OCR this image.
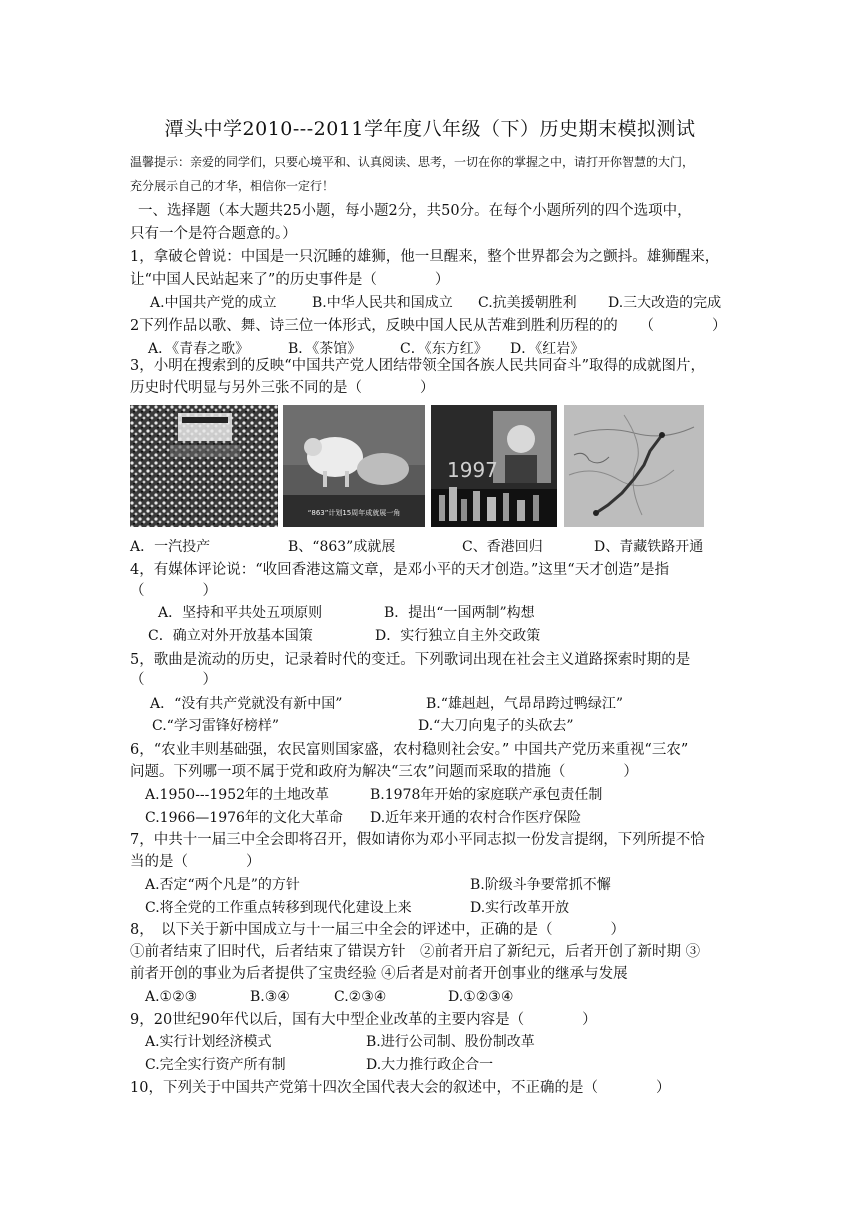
潭头中学2010---2011学年度八年级（下）历史期末模拟测试
温馨提示：亲爱的同学们，只要心境平和、认真阅读、思考，一切在你的掌握之中，请打开你智慧的大门，
充分展示自己的才华，相信你一定行！
一、选择题（本大题共25小题，每小题2分，共50分。在每个小题所列的四个选项中，
只有一个是符合题意的。）
1，拿破仑曾说：中国是一只沉睡的雄狮，他一旦醒来，整个世界都会为之颤抖。雄狮醒来，
让“中国人民站起来了”的历史事件是（　　　　）
A.中国共产党的成立	B.中华人民共和国成立 C.抗美援朝胜利 D.三大改造的完成
2下列作品以歌、舞、诗三位一体形式，反映中国人民从苦难到胜利历程的的　　（　　　　）
A．《青春之歌》	B．《茶馆》	C．《东方红》 D．《红岩》
3，小明在搜索到的反映“中国共产党人团结带领全国各族人民共同奋斗”取得的成就图片，
历史时代明显与另外三张不同的是（　　　　）
“863”计划15周年成就展一角
1997
A．一汽投产	B、“863”成就展	C、香港回归	D、青藏铁路开通
4，有媒体评论说：“收回香港这篇文章，是邓小平的天才创造。”这里“天才创造”是指
（　　　　）
A．坚持和平共处五项原则	B．提出“一国两制”构想
C．确立对外开放基本国策	D．实行独立自主外交政策
5，歌曲是流动的历史，记录着时代的变迁。下列歌词出现在社会主义道路探索时期的是
（　　　　）
A．“没有共产党就没有新中国”	B.“雄赳赳，气昂昂跨过鸭绿江”
C.“学习雷锋好榜样”	D.“大刀向鬼子的头砍去”
6，“农业丰则基础强，农民富则国家盛，农村稳则社会安。” 中国共产党历来重视“三农”
问题。下列哪一项不属于党和政府为解决“三农”问题而采取的措施（　　　　）
A.1950---1952年的土地改革	B.1978年开始的家庭联产承包责任制
C.1966—1976年的文化大革命 D.近年来开通的农村合作医疗保险
7，中共十一届三中全会即将召开，假如请你为邓小平同志拟一份发言提纲，下列所提不恰
当的是（　　　　）
A.否定“两个凡是”的方针	B.阶级斗争要常抓不懈
C.将全党的工作重点转移到现代化建设上来	D.实行改革开放
8，　以下关于新中国成立与十一届三中全会的评述中，正确的是（　　　　）
①前者结束了旧时代，后者结束了错误方针　②前者开启了新纪元，后者开创了新时期 ③
前者开创的事业为后者提供了宝贵经验 ④后者是对前者开创事业的继承与发展
A.①②③	B.③④	C.②③④	D.①②③④
9，20世纪90年代以后，国有大中型企业改革的主要内容是（　　　　）
A.实行计划经济模式	B.进行公司制、股份制改革
C.完全实行资产所有制	D.大力推行政企合一
10，下列关于中国共产党第十四次全国代表大会的叙述中，不正确的是（　　　　）
